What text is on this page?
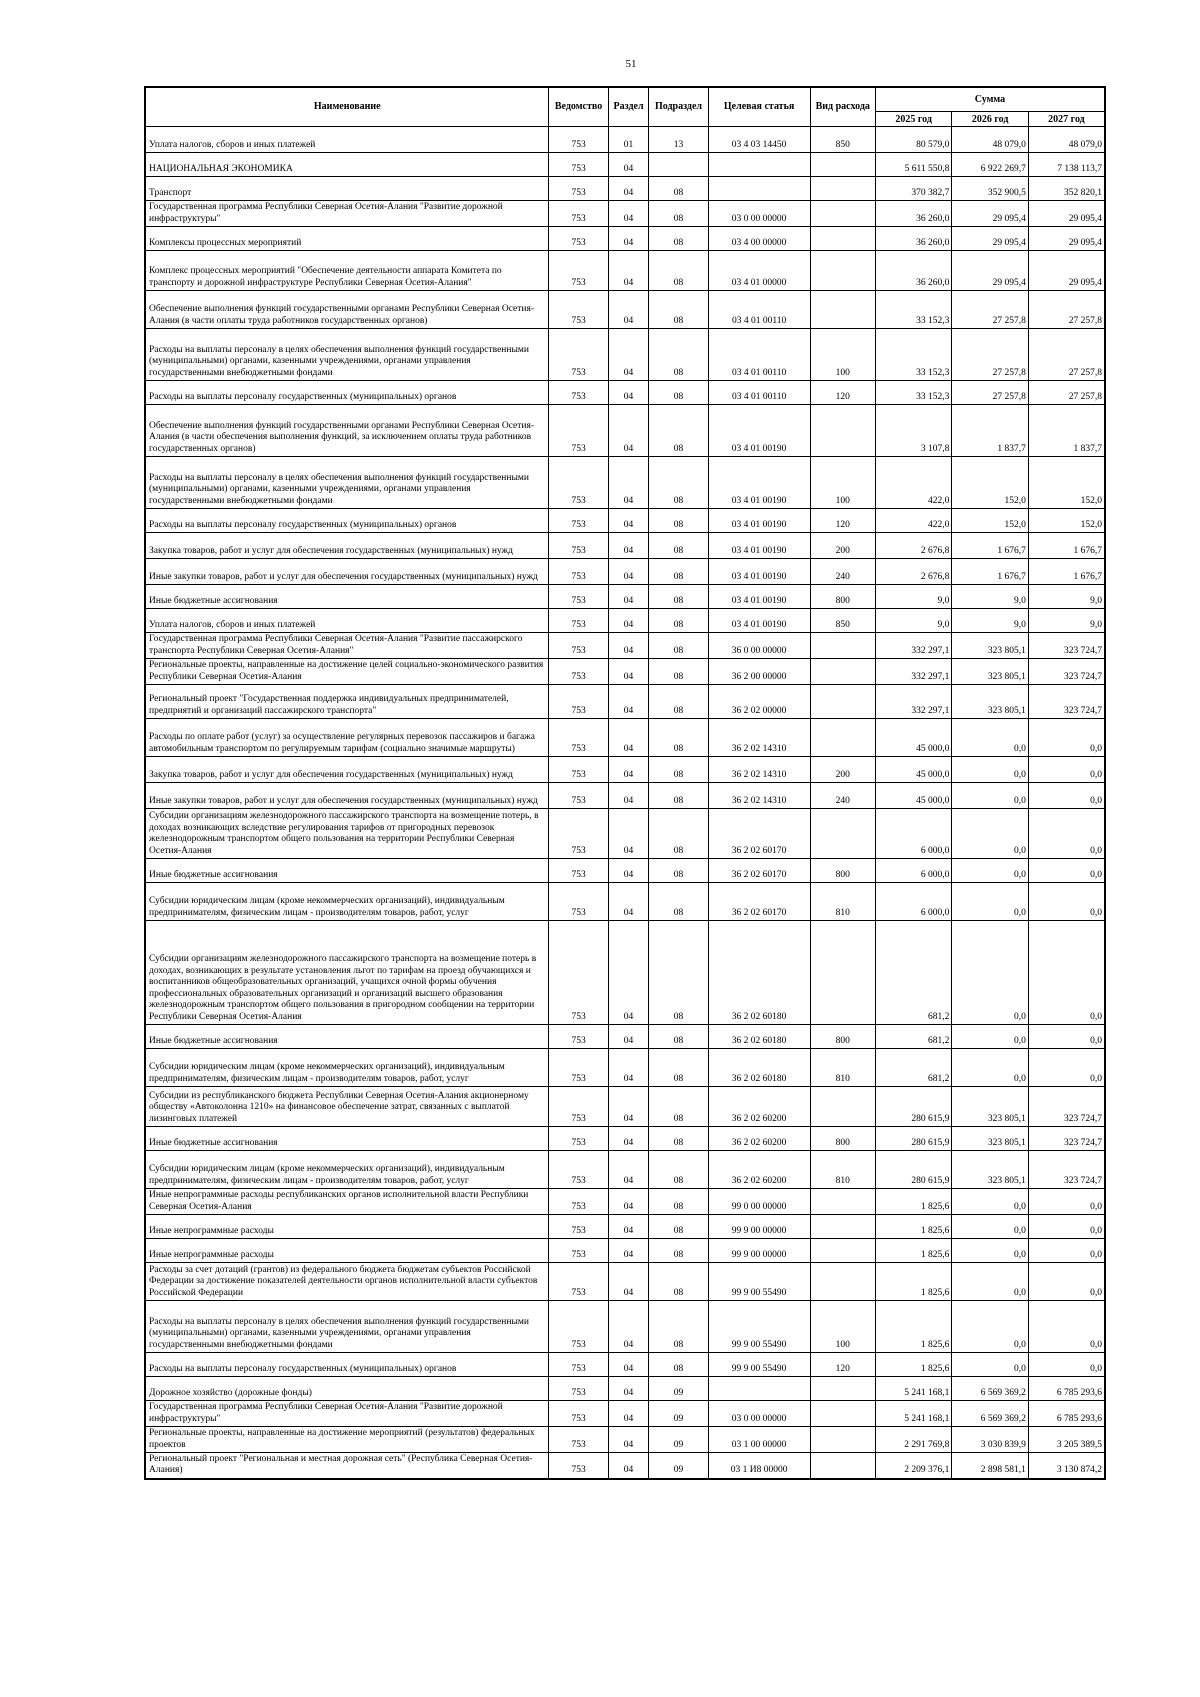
51
Наименование	Ведомство	Раздел	Подраздел	Целевая статья	Вид расхода	Сумма		
						2025 год	2026 год	2027 год
Уплата налогов, сборов и иных платежей	753	01	13	03 4 03 14450	850	80 579,0	48 079,0	48 079,0
НАЦИОНАЛЬНАЯ ЭКОНОМИКА	753	04				5 611 550,8	6 922 269,7	7 138 113,7
Транспорт	753	04	08			370 382,7	352 900,5	352 820,1
Государственная программа Республики Северная Осетия-Алания "Развитие дорожной инфраструктуры"	753	04	08	03 0 00 00000		36 260,0	29 095,4	29 095,4
Комплексы процессных мероприятий	753	04	08	03 4 00 00000		36 260,0	29 095,4	29 095,4
Комплекс процессных мероприятий "Обеспечение деятельности аппарата Комитета по транспорту и дорожной инфраструктуре Республики Северная Осетия-Алания"	753	04	08	03 4 01 00000		36 260,0	29 095,4	29 095,4
Обеспечение выполнения функций государственными органами Республики Северная Осетия-Алания (в части оплаты труда работников государственных органов)	753	04	08	03 4 01 00110		33 152,3	27 257,8	27 257,8
Расходы на выплаты персоналу в целях обеспечения выполнения функций государственными (муниципальными) органами, казенными учреждениями, органами управления государственными внебюджетными фондами	753	04	08	03 4 01 00110	100	33 152,3	27 257,8	27 257,8
Расходы на выплаты персоналу государственных (муниципальных) органов	753	04	08	03 4 01 00110	120	33 152,3	27 257,8	27 257,8
Обеспечение выполнения функций государственными органами Республики Северная Осетия-Алания (в части обеспечения выполнения функций, за исключением оплаты труда работников государственных органов)	753	04	08	03 4 01 00190		3 107,8	1 837,7	1 837,7
Расходы на выплаты персоналу в целях обеспечения выполнения функций государственными (муниципальными) органами, казенными учреждениями, органами управления государственными внебюджетными фондами	753	04	08	03 4 01 00190	100	422,0	152,0	152,0
Расходы на выплаты персоналу государственных (муниципальных) органов	753	04	08	03 4 01 00190	120	422,0	152,0	152,0
Закупка товаров, работ и услуг для обеспечения государственных (муниципальных) нужд	753	04	08	03 4 01 00190	200	2 676,8	1 676,7	1 676,7
Иные закупки товаров, работ и услуг для обеспечения государственных (муниципальных) нужд	753	04	08	03 4 01 00190	240	2 676,8	1 676,7	1 676,7
Иные бюджетные ассигнования	753	04	08	03 4 01 00190	800	9,0	9,0	9,0
Уплата налогов, сборов и иных платежей	753	04	08	03 4 01 00190	850	9,0	9,0	9,0
Государственная программа Республики Северная Осетия-Алания "Развитие пассажирского транспорта Республики Северная Осетия-Алания"	753	04	08	36 0 00 00000		332 297,1	323 805,1	323 724,7
Региональные проекты, направленные на достижение целей социально-экономического развития Республики Северная Осетия-Алания	753	04	08	36 2 00 00000		332 297,1	323 805,1	323 724,7
Региональный проект "Государственная поддержка индивидуальных предпринимателей, предприятий и организаций пассажирского транспорта"	753	04	08	36 2 02 00000		332 297,1	323 805,1	323 724,7
Расходы по оплате работ (услуг) за осуществление регулярных перевозок пассажиров и багажа автомобильным транспортом по регулируемым тарифам (социально значимые маршруты)	753	04	08	36 2 02 14310		45 000,0	0,0	0,0
Закупка товаров, работ и услуг для обеспечения государственных (муниципальных) нужд	753	04	08	36 2 02 14310	200	45 000,0	0,0	0,0
Иные закупки товаров, работ и услуг для обеспечения государственных (муниципальных) нужд	753	04	08	36 2 02 14310	240	45 000,0	0,0	0,0
Субсидии организациям железнодорожного пассажирского транспорта на возмещение потерь, в доходах возникающих вследствие регулирования тарифов от пригородных перевозок железнодорожным транспортом общего пользования на территории Республики Северная Осетия-Алания	753	04	08	36 2 02 60170		6 000,0	0,0	0,0
Иные бюджетные ассигнования	753	04	08	36 2 02 60170	800	6 000,0	0,0	0,0
Субсидии юридическим лицам (кроме некоммерческих организаций), индивидуальным предпринимателям, физическим лицам - производителям товаров, работ, услуг	753	04	08	36 2 02 60170	810	6 000,0	0,0	0,0
Субсидии организациям железнодорожного пассажирского транспорта на возмещение потерь в доходах, возникающих в результате установления льгот по тарифам на проезд обучающихся и воспитанников общеобразовательных организаций, учащихся очной формы обучения профессиональных образовательных организаций и организаций высшего образования железнодорожным транспортом общего пользования в пригородном сообщении на территории Республики Северная Осетия-Алания	753	04	08	36 2 02 60180		681,2	0,0	0,0
Иные бюджетные ассигнования	753	04	08	36 2 02 60180	800	681,2	0,0	0,0
Субсидии юридическим лицам (кроме некоммерческих организаций), индивидуальным предпринимателям, физическим лицам - производителям товаров, работ, услуг	753	04	08	36 2 02 60180	810	681,2	0,0	0,0
Субсидии из республиканского бюджета Республики Северная Осетия-Алания акционерному обществу «Автоколонна 1210» на финансовое обеспечение затрат, связанных с выплатой лизинговых платежей	753	04	08	36 2 02 60200		280 615,9	323 805,1	323 724,7
Иные бюджетные ассигнования	753	04	08	36 2 02 60200	800	280 615,9	323 805,1	323 724,7
Субсидии юридическим лицам (кроме некоммерческих организаций), индивидуальным предпринимателям, физическим лицам - производителям товаров, работ, услуг	753	04	08	36 2 02 60200	810	280 615,9	323 805,1	323 724,7
Иные непрограммные расходы республиканских органов исполнительной власти Республики Северная Осетия-Алания	753	04	08	99 0 00 00000		1 825,6	0,0	0,0
Иные непрограммные расходы	753	04	08	99 9 00 00000		1 825,6	0,0	0,0
Иные непрограммные расходы	753	04	08	99 9 00 00000		1 825,6	0,0	0,0
Расходы за счет дотаций (грантов) из федерального бюджета бюджетам субъектов Российской Федерации за достижение показателей деятельности органов исполнительной власти субъектов Российской Федерации	753	04	08	99 9 00 55490		1 825,6	0,0	0,0
Расходы на выплаты персоналу в целях обеспечения выполнения функций государственными (муниципальными) органами, казенными учреждениями, органами управления государственными внебюджетными фондами	753	04	08	99 9 00 55490	100	1 825,6	0,0	0,0
Расходы на выплаты персоналу государственных (муниципальных) органов	753	04	08	99 9 00 55490	120	1 825,6	0,0	0,0
Дорожное хозяйство (дорожные фонды)	753	04	09			5 241 168,1	6 569 369,2	6 785 293,6
Государственная программа Республики Северная Осетия-Алания "Развитие дорожной инфраструктуры"	753	04	09	03 0 00 00000		5 241 168,1	6 569 369,2	6 785 293,6
Региональные проекты, направленные на достижение мероприятий (результатов) федеральных проектов	753	04	09	03 1 00 00000		2 291 769,8	3 030 839,9	3 205 389,5
Региональный проект "Региональная и местная дорожная сеть" (Республика Северная Осетия-Алания)	753	04	09	03 1 И8 00000		2 209 376,1	2 898 581,1	3 130 874,2
